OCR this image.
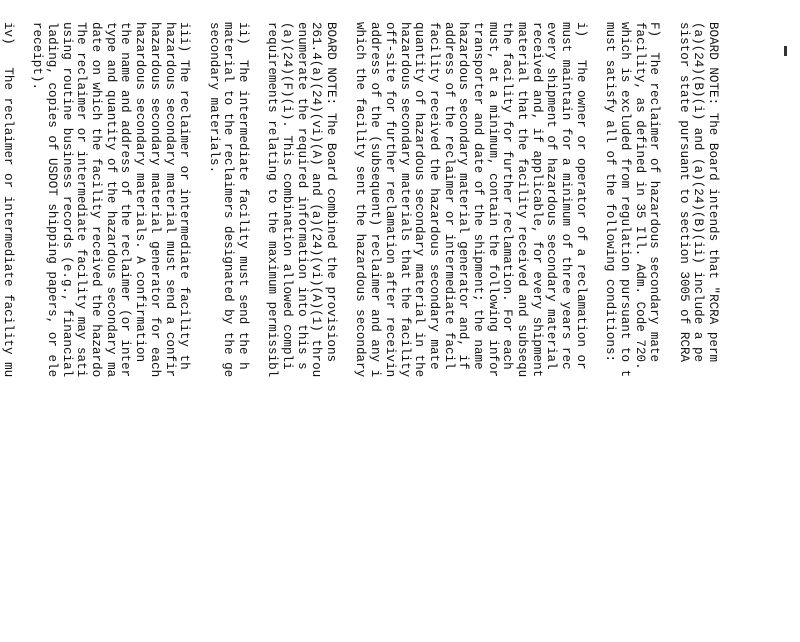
BOARD NOTE: The Board intends that "RCRA perm
(a)(24)(B)(i) and (a)(24)(B)(ii) include a pe
sistor state pursuant to section 3005 of RCRA
F)  The reclaimer of hazardous secondary mate
facility, as defined in 35 Ill. Adm. Code 720.
which is excluded from regulation pursuant to t
must satisfy all of the following conditions:
i)   The owner or operator of a reclamation or
must maintain for a minimum of three years rec
every shipment of hazardous secondary material
received and, if applicable, for every shipment
material that the facility received and subsequ
the facility for further reclamation. For each
must, at a minimum, contain the following infor
transporter and date of the shipment; the name
hazardous secondary material generator and, if
address of the reclaimer or intermediate facil
facility received the hazardous secondary mate
quantity of hazardous secondary material in the
hazardous secondary materials that the facility
off-site for further reclamation after receivin
address of the (subsequent) reclaimer and any i
which the facility sent the hazardous secondary
BOARD NOTE: The Board combined the provisions
261.4(a)(24)(vi)(A) and (a)(24)(vi)(A)(1) throu
enumerate the required information into this s
(a)(24)(F)(i). This combination allowed compli
requirements relating to the maximum permissibl
ii)  The intermediate facility must send the h
material to the reclaimers designated by the ge
secondary materials.
iii) The reclaimer or intermediate facility th
hazardous secondary material must send a confir
hazardous secondary material generator for each
hazardous secondary materials. A confirmation
the name and address of the reclaimer (or inter
type and quantity of the hazardous secondary ma
date on which the facility received the hazardo
The reclaimer or intermediate facility may sati
using routine business records (e.g., financial
lading, copies of USDOT shipping papers, or ele
receipt).
iv)   The reclaimer or intermediate facility mu
